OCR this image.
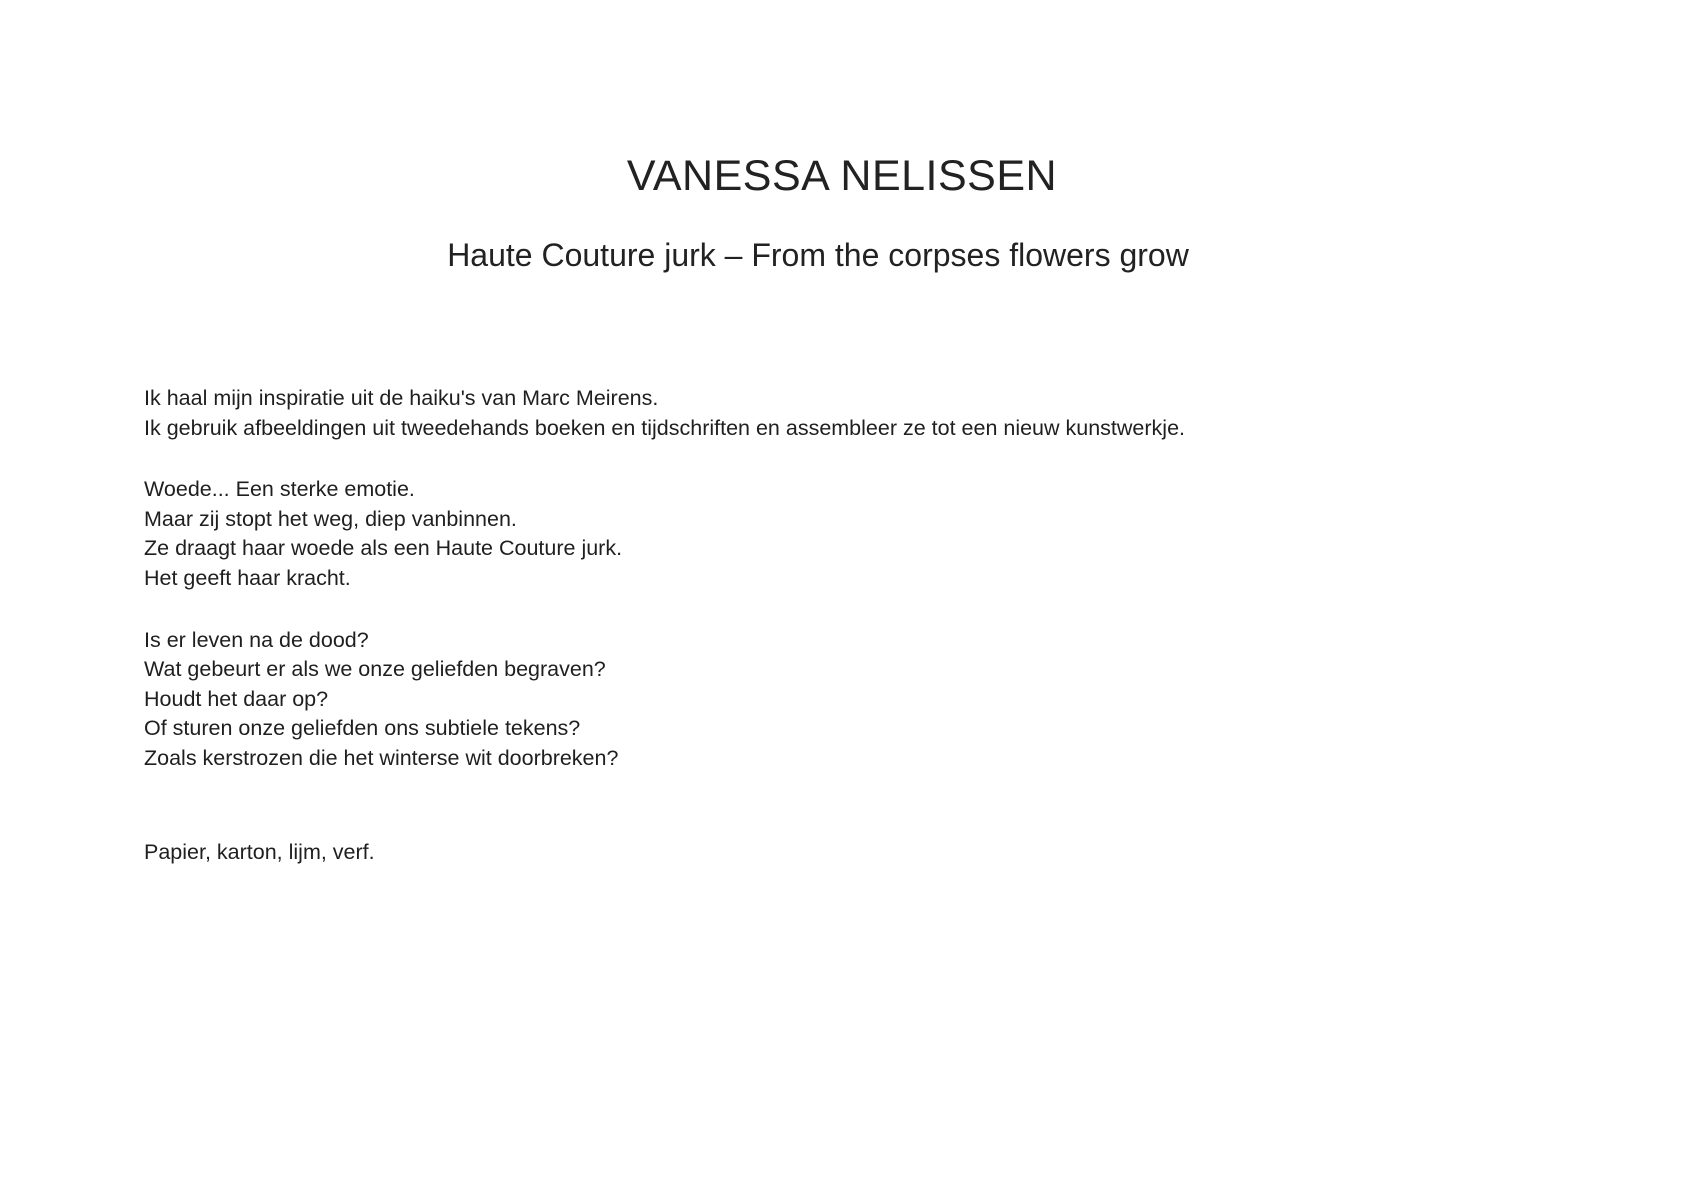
VANESSA NELISSEN
Haute Couture jurk – From the corpses flowers grow
Ik haal mijn inspiratie uit de haiku's van Marc Meirens.
Ik gebruik afbeeldingen uit tweedehands boeken en tijdschriften en assembleer ze tot een nieuw kunstwerkje.
Woede... Een sterke emotie.
Maar zij stopt het weg, diep vanbinnen.
Ze draagt haar woede als een Haute Couture jurk.
Het geeft haar kracht.
Is er leven na de dood?
Wat gebeurt er als we onze geliefden begraven?
Houdt het daar op?
Of sturen onze geliefden ons subtiele tekens?
Zoals kerstrozen die het winterse wit doorbreken?
Papier, karton, lijm, verf.
